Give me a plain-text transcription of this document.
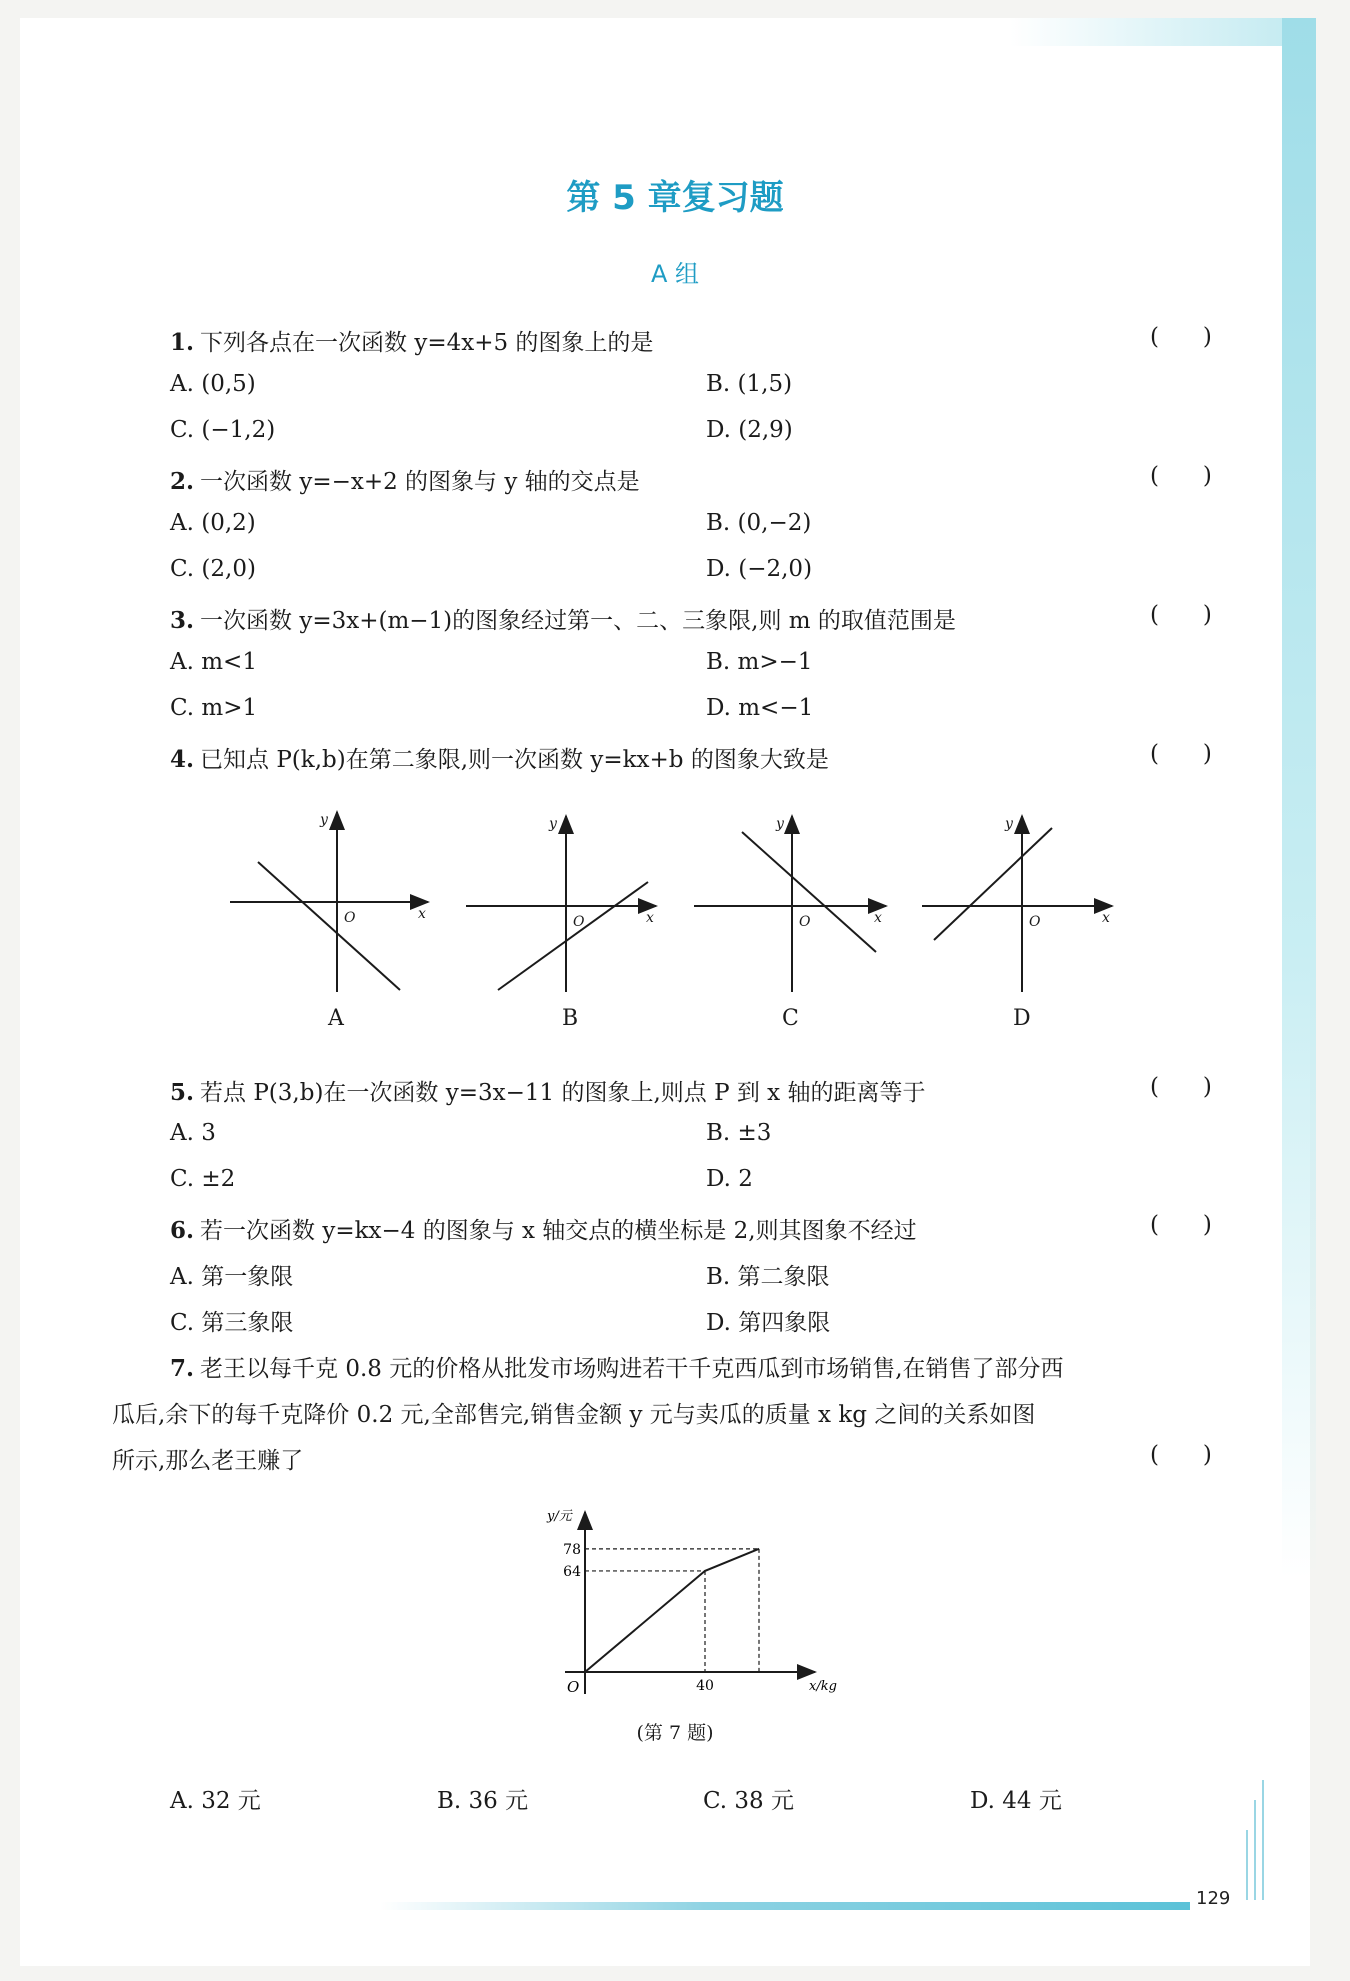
129
第 5 章复习题
A 组
1. 下列各点在一次函数 y=4x+5 的图象上的是	(      )
A. (0,5)	B. (1,5)
C. (−1,2)	D. (2,9)
2. 一次函数 y=−x+2 的图象与 y 轴的交点是	(      )
A. (0,2)	B. (0,−2)
C. (2,0)	D. (−2,0)
3. 一次函数 y=3x+(m−1)的图象经过第一、二、三象限,则 m 的取值范围是	(      )
A. m<1	B. m>−1
C. m>1	D. m<−1
4. 已知点 P(k,b)在第二象限,则一次函数 y=kx+b 的图象大致是	(      )
y
x
O
y
x
O
y
x
O
y
x
O
A	B	C	D
5. 若点 P(3,b)在一次函数 y=3x−11 的图象上,则点 P 到 x 轴的距离等于	(      )
A. 3	B. ±3
C. ±2	D. 2
6. 若一次函数 y=kx−4 的图象与 x 轴交点的横坐标是 2,则其图象不经过	(      )
A. 第一象限	B. 第二象限
C. 第三象限	D. 第四象限
7. 老王以每千克 0.8 元的价格从批发市场购进若干千克西瓜到市场销售,在销售了部分西
瓜后,余下的每千克降价 0.2 元,全部售完,销售金额 y 元与卖瓜的质量 x kg 之间的关系如图
所示,那么老王赚了	(      )
64
78
40
y/元
x/kg
O
(第 7 题)
A. 32 元	B. 36 元	C. 38 元	D. 44 元
